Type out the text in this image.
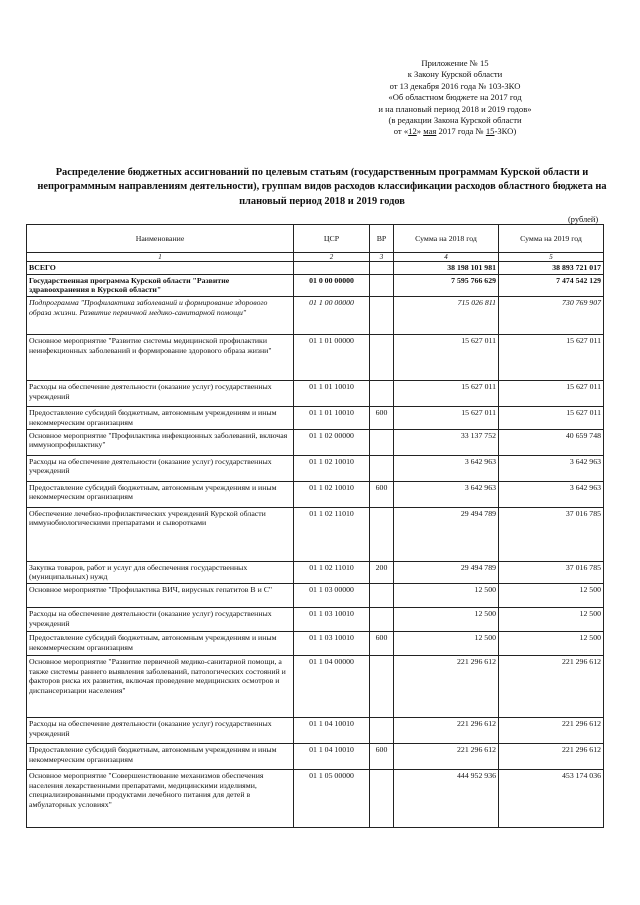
Приложение № 15
к Закону Курской области
от 13 декабря 2016 года № 103-ЗКО
«Об областном бюджете на 2017 год
и на плановый период 2018 и 2019 годов»
(в редакции Закона Курской области
от «12» мая 2017 года № 15-ЗКО)
Распределение бюджетных ассигнований по целевым статьям (государственным программам Курской области и непрограммным направлениям деятельности), группам видов расходов классификации расходов областного бюджета на плановый период 2018 и 2019 годов
(рублей)
Наименование	ЦСР	ВР	Сумма на 2018 год	Сумма на 2019 год
1	2	3	4	5
ВСЕГО			38 198 101 981	38 893 721 017
Государственная программа Курской области "Развитие здравоохранения в Курской области"	01 0 00 00000		7 595 766 629	7 474 542 129
Подпрограмма "Профилактика заболеваний и формирование здорового образа жизни. Развитие первичной медико-санитарной помощи"	01 1 00 00000		715 026 811	730 769 907
Основное мероприятие "Развитие системы медицинской профилактики неинфекционных заболеваний и формирование здорового образа жизни"	01 1 01 00000		15 627 011	15 627 011
Расходы на обеспечение деятельности (оказание услуг) государственных учреждений	01 1 01 10010		15 627 011	15 627 011
Предоставление субсидий бюджетным, автономным учреждениям и иным некоммерческим организациям	01 1 01 10010	600	15 627 011	15 627 011
Основное мероприятие "Профилактика инфекционных заболеваний, включая иммунопрофилактику"	01 1 02 00000		33 137 752	40 659 748
Расходы на обеспечение деятельности (оказание услуг) государственных учреждений	01 1 02 10010		3 642 963	3 642 963
Предоставление субсидий бюджетным, автономным учреждениям и иным некоммерческим организациям	01 1 02 10010	600	3 642 963	3 642 963
Обеспечение лечебно-профилактических учреждений Курской области иммунобиологическими препаратами и сыворотками	01 1 02 11010		29 494 789	37 016 785
Закупка товаров, работ и услуг для обеспечения государственных (муниципальных) нужд	01 1 02 11010	200	29 494 789	37 016 785
Основное мероприятие "Профилактика ВИЧ, вирусных гепатитов В и С"	01 1 03 00000		12 500	12 500
Расходы на обеспечение деятельности (оказание услуг) государственных учреждений	01 1 03 10010		12 500	12 500
Предоставление субсидий бюджетным, автономным учреждениям и иным некоммерческим организациям	01 1 03 10010	600	12 500	12 500
Основное мероприятие "Развитие первичной медико-санитарной помощи, а также системы раннего выявления заболеваний, патологических состояний и факторов риска их развития, включая проведение медицинских осмотров и диспансеризации населения"	01 1 04 00000		221 296 612	221 296 612
Расходы на обеспечение деятельности (оказание услуг) государственных учреждений	01 1 04 10010		221 296 612	221 296 612
Предоставление субсидий бюджетным, автономным учреждениям и иным некоммерческим организациям	01 1 04 10010	600	221 296 612	221 296 612
Основное мероприятие "Совершенствование механизмов обеспечения населения лекарственными препаратами, медицинскими изделиями, специализированными продуктами лечебного питания для детей в амбулаторных условиях"	01 1 05 00000		444 952 936	453 174 036
